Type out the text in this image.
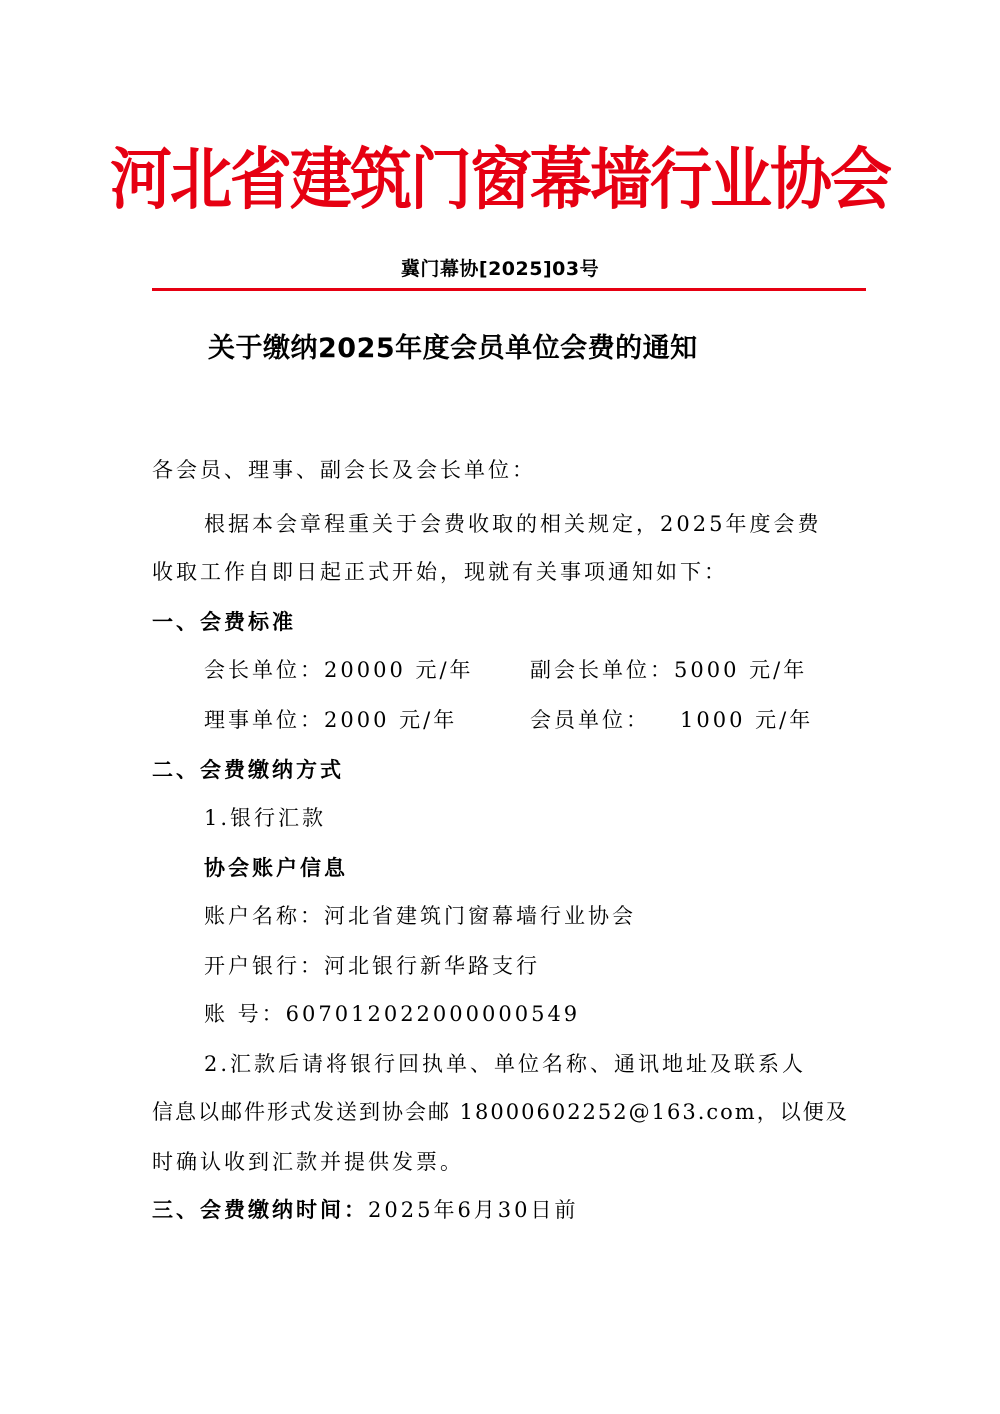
河北省建筑门窗幕墙行业协会
冀门幕协[2025]03号
关于缴纳2025年度会员单位会费的通知
各会员、理事、副会长及会长单位：
根据本会章程重关于会费收取的相关规定，2025年度会费
收取工作自即日起正式开始，现就有关事项通知如下：
一、会费标准
会长单位：20000 元/年	副会长单位：5000 元/年
理事单位：2000 元/年	会员单位： 1000 元/年
二、会费缴纳方式
1.银行汇款
协会账户信息
账户名称：河北省建筑门窗幕墙行业协会
开户银行：河北银行新华路支行
账 号：607012022000000549
2.汇款后请将银行回执单、单位名称、通讯地址及联系人
信息以邮件形式发送到协会邮 18000602252@163.com，以便及
时确认收到汇款并提供发票。
三、会费缴纳时间：2025年6月30日前
